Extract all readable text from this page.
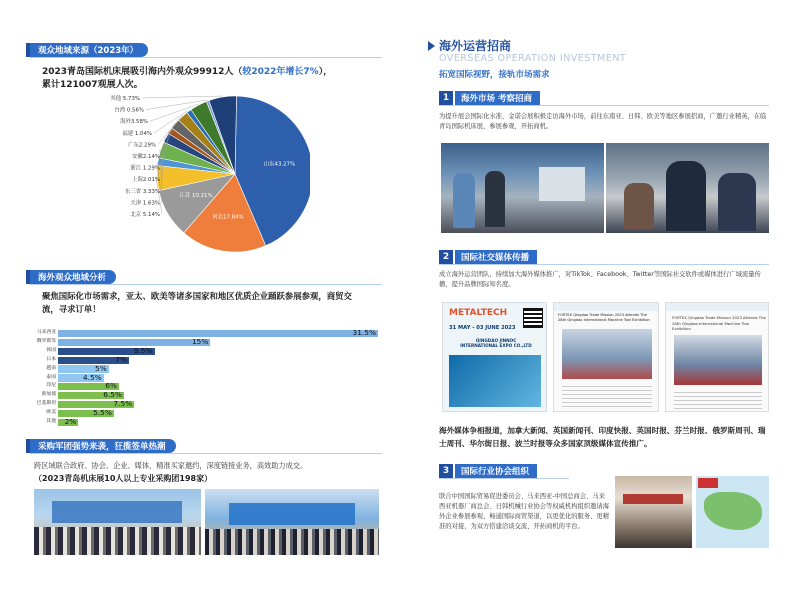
观众地域来源（2023年）
2023青岛国际机床展吸引海内外观众99912人（较2022年增长7%），
累计121007观展人次。
山东43.27%
河北17.84%
江苏 10.21%
北京 5.14%
天津 1.63%
东三省 3.33%
上海2.01%
浙江 1.29%
安徽2.14%
广东2.29%
福建 1.04%
海外3.58%
台湾 0.56%
其他 5.73%
海外观众地域分析
聚焦国际化市场需求，亚太、欧美等诸多国家和地区优质企业踊跃参展参观，商贸交流，寻求订单！
马来西亚	31.5%
俄罗斯等	15%
韩国	9.5%
日本	7%
越南	5%
泰国	4.5%
印尼	6%
新加坡	6.5%
巴基斯坦	7.5%
欧美	5.5%
其他	2%
采购军团强势来袭，狂揽签单热潮
跨区域联合政府、协会、企业、媒体，精准买家邀约，深度链接业务，高效助力成交。
（2023青岛机床展10人以上专业采购团198家）
海外运营招商
OVERSEAS OPERATION INVESTMENT
拓宽国际视野，接轨市场需求
1	海外市场 考察招商
为提升展会国际化水准，金诺会展积极走访海外市场，前往东南亚、日韩、欧美等地区参展招商，广邀行业精英，在临青岛国际机床展，参展参观，开拓商机。
2	国际社交媒体传播
成立海外运营团队，持续加大海外媒体推广，对TikTok、Facebook、Twitter等国际社交软件或媒体进行广域流量传播，提升品牌国际知名度。
METALTECH
31 MAY - 03 JUNE 2023
QINGDAO JINNOC INTERNATIONAL EXPO CO.,LTD
FORTEX Qingdao Trade Mission 2023 Attends The 28th Qingdao International Machine Tool Exhibition	FORTEX Qingdao Trade Mission 2023 Attends The 28th Qingdao International Machine Tool Exhibition
海外媒体争相报道，加拿大新闻、英国新闻刊、印度快报、英国时报、芬兰时报、俄罗斯周刊、瑞士周刊、华尔街日报、波兰时报等众多国家顶级媒体宣传推广。
3	国际行业协会组织
联合中国国际贸易促进委员会、马来西亚-中国总商会、马来西亚机器厂商总会、日韩机械行业协会等权威机构组织邀请海外企业参展参观，畅通国际商贸渠道，以更优化的服务、更精准的对接，为双方搭建洽谈交流、开拓商机的平台。
